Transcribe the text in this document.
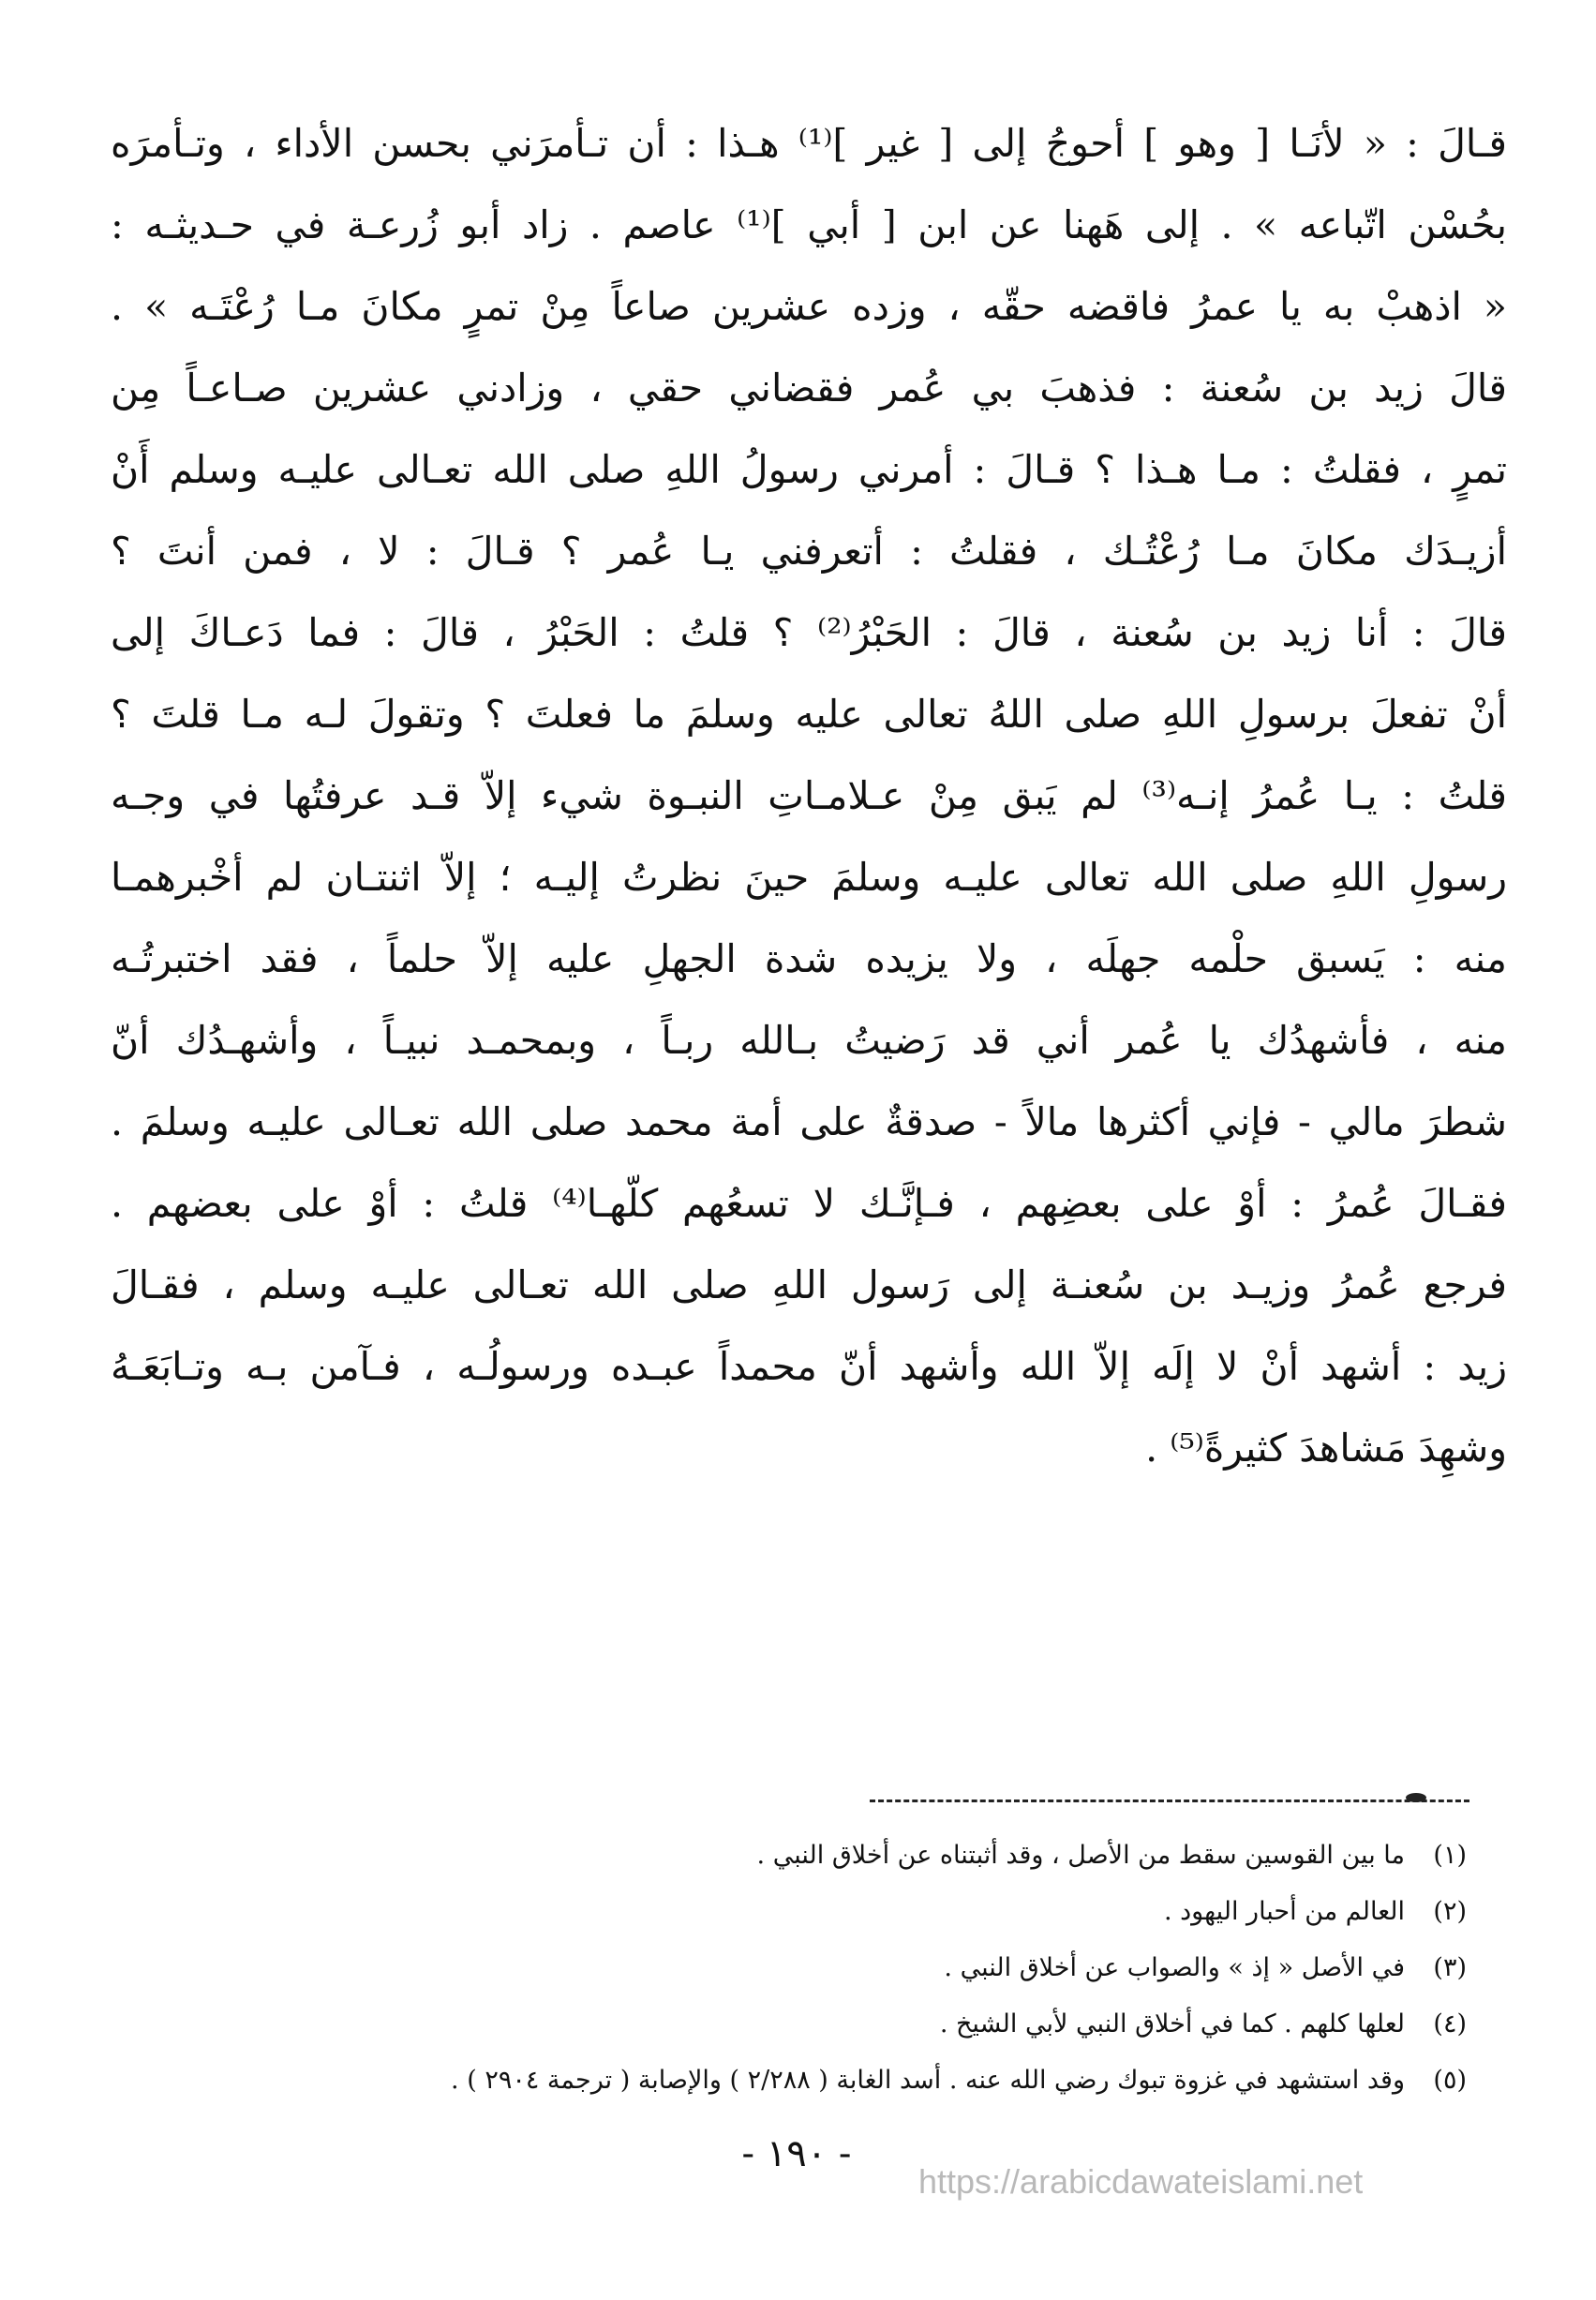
قـالَ : « لأنَـا [ وهو ] أحوجُ إلى [ غير ]⁽¹⁾ هـذا : أن تـأمرَني بحسن الأداء ، وتـأمرَه
بحُسْن اتّباعه » . إلى هَهنا عن ابن [ أبي ]⁽¹⁾ عاصم . زاد أبو زُرعـة في حـديثـه :
« اذهبْ به يا عمرُ فاقضه حقّه ، وزده عشرين صاعاً مِنْ تمرٍ مكانَ مـا رُعْتَـه » .
قالَ زيد بن سُعنة : فذهبَ بي عُمر فقضاني حقي ، وزادني عشرين صـاعـاً مِن
تمرٍ ، فقلتُ : مـا هـذا ؟ قـالَ : أمرني رسولُ اللهِ صلى الله تعـالى عليـه وسلم أَنْ
أزيـدَك مكانَ مـا رُعْتُـك ، فقلتُ : أتعرفني يـا عُمر ؟ قـالَ : لا ، فمن أنتَ ؟
قالَ : أنا زيد بن سُعنة ، قالَ : الحَبْرُ⁽²⁾ ؟ قلتُ : الحَبْرُ ، قالَ : فما دَعـاكَ إلى
أنْ تفعلَ برسولِ اللهِ صلى اللهُ تعالى عليه وسلمَ ما فعلتَ ؟ وتقولَ لـه مـا قلتَ ؟
قلتُ : يـا عُمرُ إنـه⁽³⁾ لم يَبق مِنْ عـلامـاتِ النبـوة شيء إلاّ قـد عرفتُها في وجـه
رسولِ اللهِ صلى الله تعالى عليـه وسلمَ حينَ نظرتُ إليـه ؛ إلاّ اثنتـان لم أخْبرهمـا
منه : يَسبق حلْمه جهلَه ، ولا يزيده شدة الجهلِ عليه إلاّ حلماً ، فقد اختبرتُـه
منه ، فأشهدُك يا عُمر أني قد رَضيتُ بـالله ربـاً ، وبمحمـد نبيـاً ، وأشهـدُك أنّ
شطرَ مالي - فإني أكثرها مالاً - صدقةٌ على أمة محمد صلى الله تعـالى عليـه وسلمَ .
فقـالَ عُمرُ : أوْ على بعضِهم ، فـإنَّـك لا تسعُهم كلّهـا⁽⁴⁾ قلتُ : أوْ على بعضهم .
فرجع عُمرُ وزيـد بن سُعنـة إلى رَسول اللهِ صلى الله تعـالى عليـه وسلم ، فقـالَ
زيد : أشهد أنْ لا إلَه إلاّ الله وأشهد أنّ محمداً عبـده ورسولُـه ، فـآمن بـه وتـابَعَـهُ
وشهِدَ مَشاهدَ كثيرةً⁽⁵⁾ .
(١)
ما بين القوسين سقط من الأصل ، وقد أثبتناه عن أخلاق النبي .
(٢)
العالم من أحبار اليهود .
(٣)
في الأصل « إذ » والصواب عن أخلاق النبي .
(٤)
لعلها كلهم . كما في أخلاق النبي لأبي الشيخ .
(٥)
وقد استشهد في غزوة تبوك رضي الله عنه . أسد الغابة ( ٢/٢٨٨ ) والإصابة ( ترجمة ٢٩٠٤ ) .
- ١٩٠ -
https://arabicdawateislami.net
